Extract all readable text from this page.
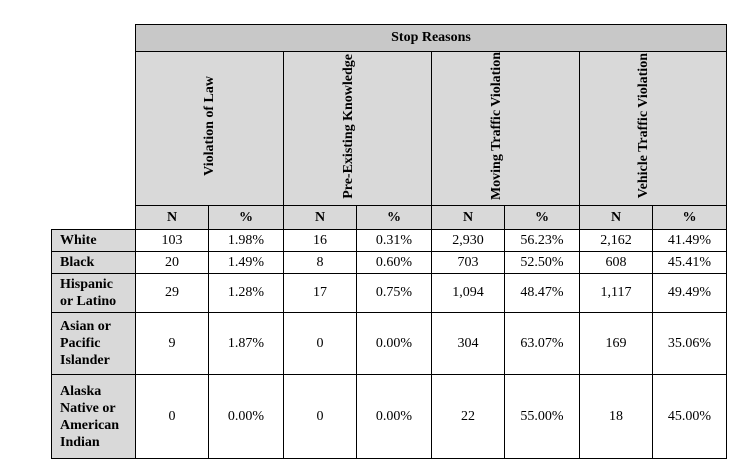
	Stop Reasons							
	Violation of Law		Pre-Existing Knowledge		Moving Traffic Violation		Vehicle Traffic Violation	
	N	%	N	%	N	%	N	%
White	103	1.98%	16	0.31%	2,930	56.23%	2,162	41.49%
Black	20	1.49%	8	0.60%	703	52.50%	608	45.41%
Hispanic or Latino	29	1.28%	17	0.75%	1,094	48.47%	1,117	49.49%
Asian or Pacific Islander	9	1.87%	0	0.00%	304	63.07%	169	35.06%
Alaska Native or American Indian	0	0.00%	0	0.00%	22	55.00%	18	45.00%
